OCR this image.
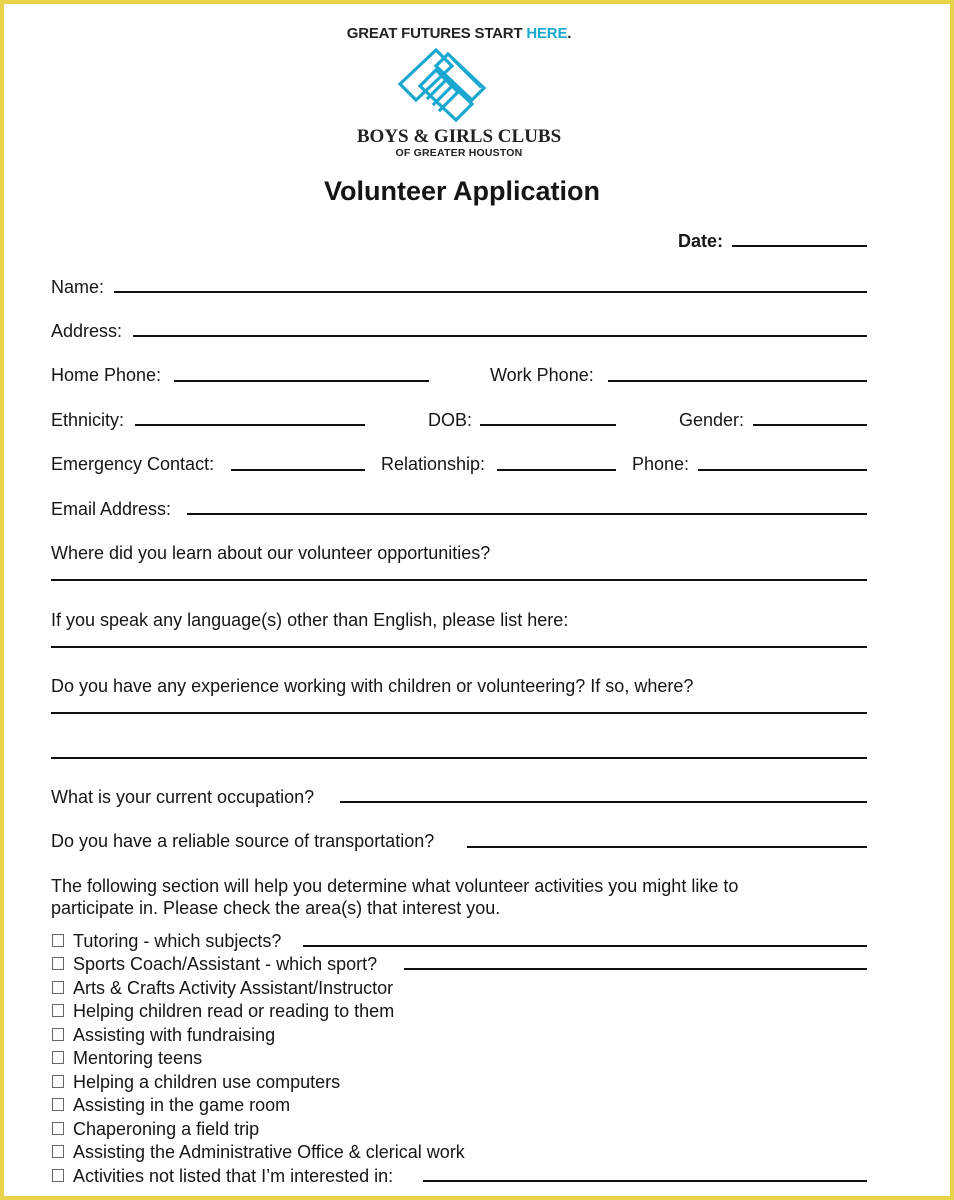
GREAT FUTURES START HERE.
BOYS & GIRLS CLUBS
OF GREATER HOUSTON
Volunteer Application
Date:
Name:
Address:
Home Phone:	Work Phone:
Ethnicity:	DOB:	Gender:
Emergency Contact:	Relationship:	Phone:
Email Address:
Where did you learn about our volunteer opportunities?
If you speak any language(s) other than English, please list here:
Do you have any experience working with children or volunteering? If so, where?
What is your current occupation?
Do you have a reliable source of transportation?
The following section will help you determine what volunteer activities you might like to
participate in. Please check the area(s) that interest you.
Tutoring - which subjects?
Sports Coach/Assistant - which sport?
Arts & Crafts Activity Assistant/Instructor
Helping children read or reading to them
Assisting with fundraising
Mentoring teens
Helping a children use computers
Assisting in the game room
Chaperoning a field trip
Assisting the Administrative Office & clerical work
Activities not listed that I’m interested in:
